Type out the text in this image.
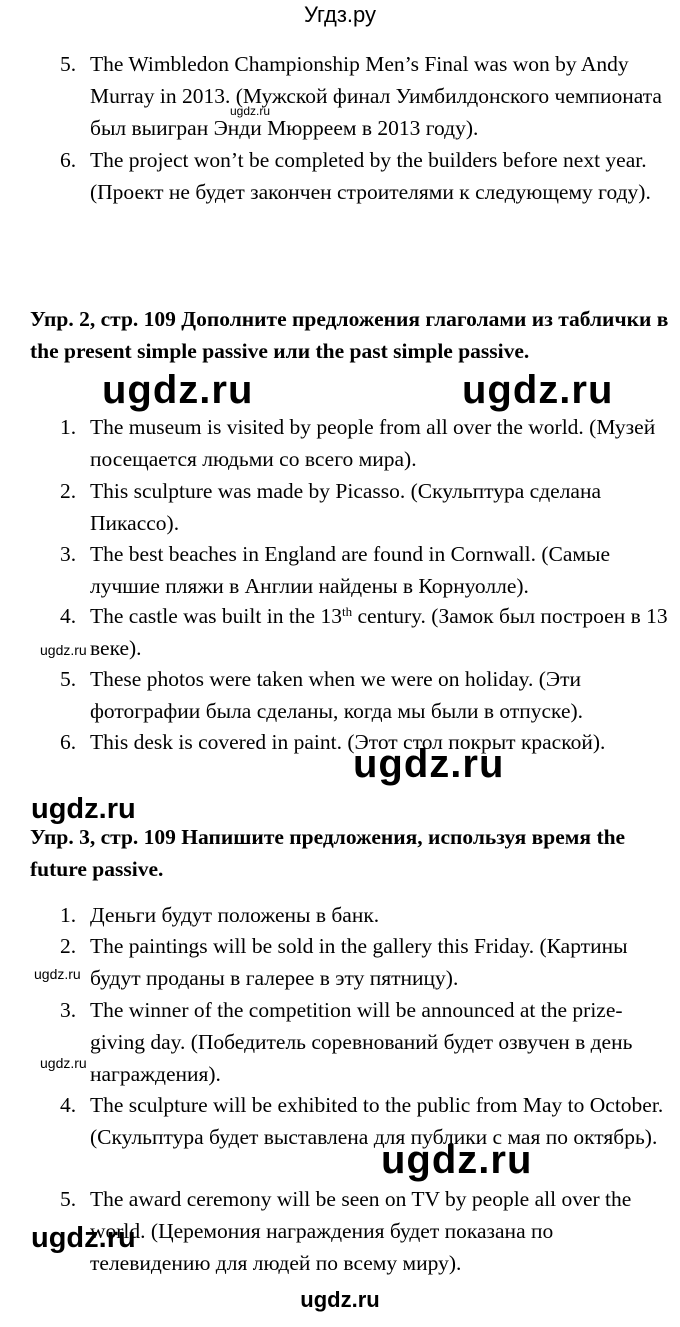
Угдз.ру
5. The Wimbledon Championship Men’s Final was won by Andy Murray in 2013. (Мужской финал Уимбилдонского чемпионата был выигран Энди Мюрреем в 2013 году).
6. The project won’t be completed by the builders before next year. (Проект не будет закончен строителями к следующему году).
Упр. 2, стр. 109 Дополните предложения глаголами из таблички в the present simple passive или the past simple passive.
1. The museum is visited by people from all over the world. (Музей посещается людьми со всего мира).
2. This sculpture was made by Picasso. (Скульптура сделана Пикассо).
3. The best beaches in England are found in Cornwall. (Самые лучшие пляжи в Англии найдены в Корнуолле).
4. The castle was built in the 13th century. (Замок был построен в 13 веке).
5. These photos were taken when we were on holiday. (Эти фотографии была сделаны, когда мы были в отпуске).
6. This desk is covered in paint. (Этот стол покрыт краской).
Упр. 3, стр. 109 Напишите предложения, используя время the future passive.
1. Деньги будут положены в банк.
2. The paintings will be sold in the gallery this Friday. (Картины будут проданы в галерее в эту пятницу).
3. The winner of the competition will be announced at the prize-giving day. (Победитель соревнований будет озвучен в день награждения).
4. The sculpture will be exhibited to the public from May to October. (Скульптура будет выставлена для публики с мая по октябрь).
5. The award ceremony will be seen on TV by people all over the world. (Церемония награждения будет показана по телевидению для людей по всему миру).
ugdz.ru
ugdz.ru	ugdz.ru
ugdz.ru
ugdz.ru
ugdz.ru
ugdz.ru
ugdz.ru
ugdz.ru
ugdz.ru
ugdz.ru
